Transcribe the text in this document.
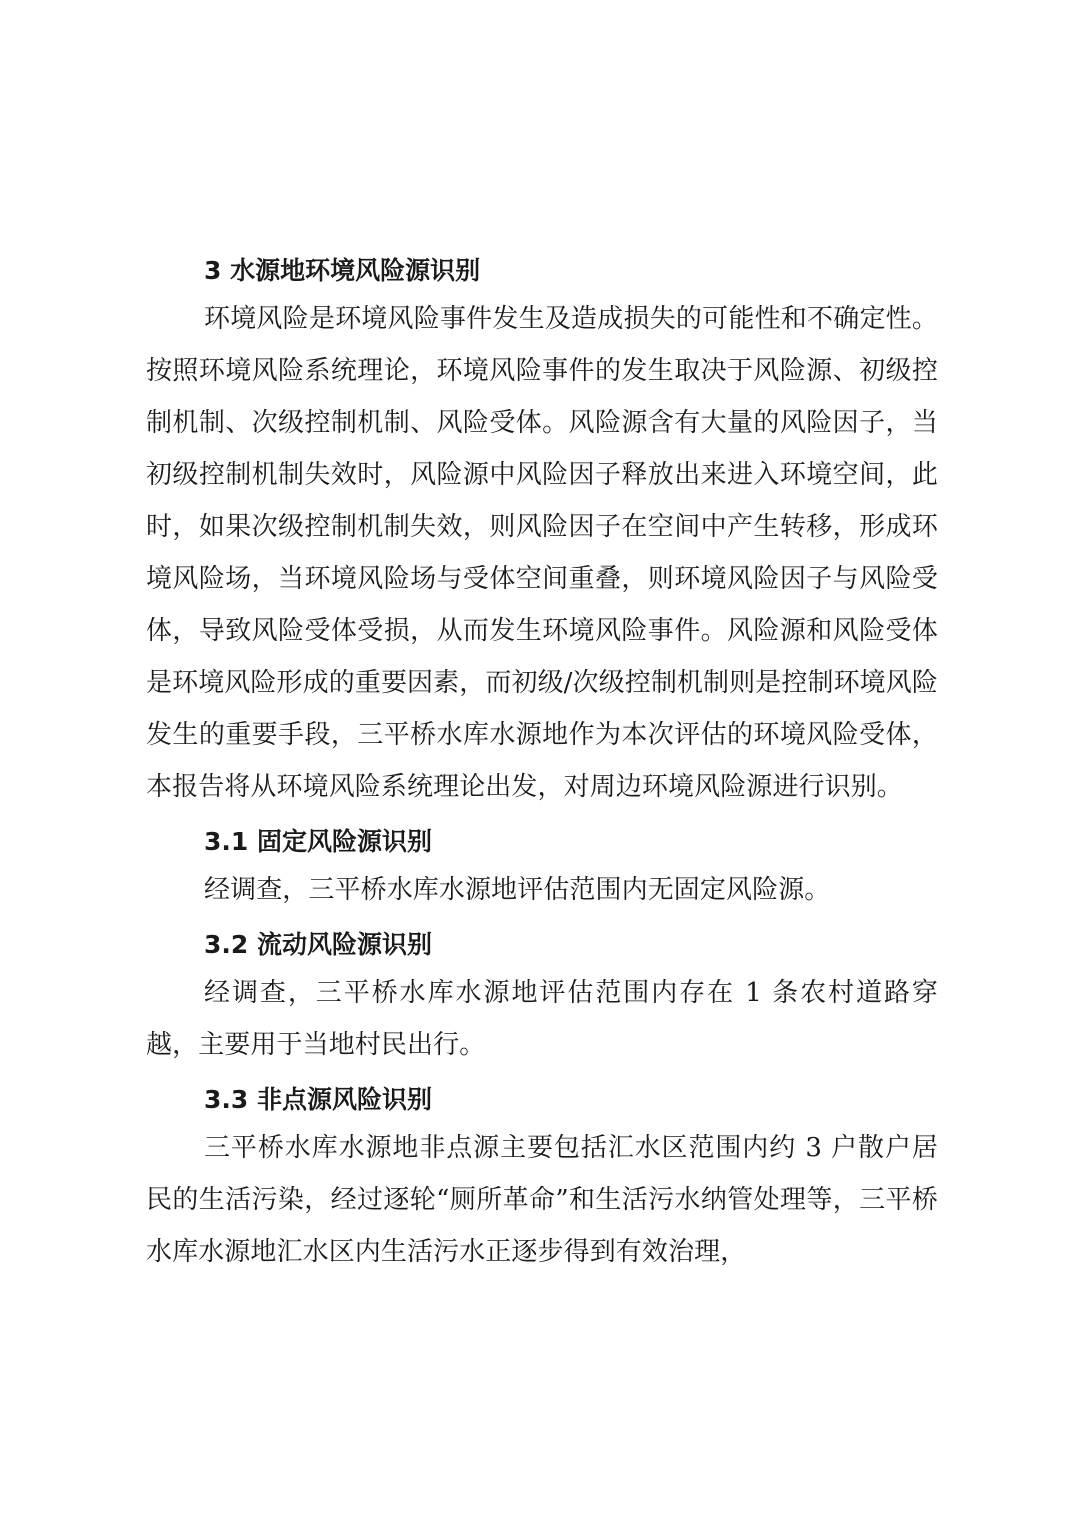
3 水源地环境风险源识别

环境风险是环境风险事件发生及造成损失的可能性和不确定性。按照环境风险系统理论，环境风险事件的发生取决于风险源、初级控制机制、次级控制机制、风险受体。风险源含有大量的风险因子，当初级控制机制失效时，风险源中风险因子释放出来进入环境空间，此时，如果次级控制机制失效，则风险因子在空间中产生转移，形成环境风险场，当环境风险场与受体空间重叠，则环境风险因子与风险受体，导致风险受体受损，从而发生环境风险事件。风险源和风险受体是环境风险形成的重要因素，而初级/次级控制机制则是控制环境风险发生的重要手段，三平桥水库水源地作为本次评估的环境风险受体，本报告将从环境风险系统理论出发，对周边环境风险源进行识别。

3.1 固定风险源识别

经调查，三平桥水库水源地评估范围内无固定风险源。

3.2 流动风险源识别

经调查，三平桥水库水源地评估范围内存在 1 条农村道路穿越，主要用于当地村民出行。

3.3 非点源风险识别

三平桥水库水源地非点源主要包括汇水区范围内约 3 户散户居民的生活污染，经过逐轮“厕所革命”和生活污水纳管处理等，三平桥水库水源地汇水区内生活污水正逐步得到有效治理，
